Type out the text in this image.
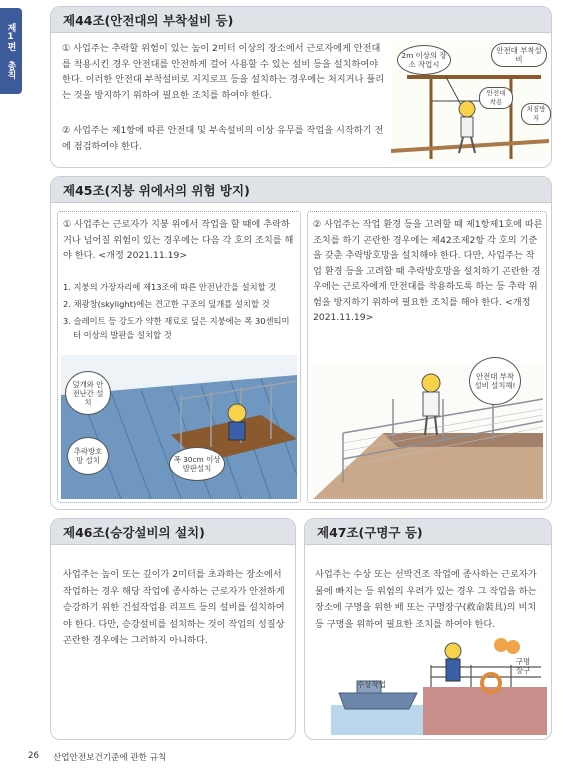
제1편 총칙
제44조(안전대의 부착설비 등)
① 사업주는 추락할 위험이 있는 높이 2미터 이상의 장소에서 근로자에게 안전대를 착용시킨 경우 안전대를 안전하게 걸어 사용할 수 있는 설비 등을 설치하여야 한다. 이러한 안전대 부착설비로 지지로프 등을 설치하는 경우에는 처지거나 풀리는 것을 방지하기 위하여 필요한 조치를 하여야 한다.
② 사업주는 제1항에 따른 안전대 및 부속설비의 이상 유무를 작업을 시작하기 전에 점검하여야 한다.
2m 이상의 장소 작업시
안전대 부착설비
안전대 착용
처짐방지
제45조(지붕 위에서의 위험 방지)
① 사업주는 근로자가 지붕 위에서 작업을 할 때에 추락하거나 넘어질 위험이 있는 경우에는 다음 각 호의 조치를 해야 한다. <개정 2021.11.19>
1. 지붕의 가장자리에 제13조에 따른 안전난간을 설치할 것
2. 채광창(skylight)에는 견고한 구조의 덮개를 설치할 것
3. 슬레이트 등 강도가 약한 재료로 덮은 지붕에는 폭 30센티미터 이상의 발판을 설치할 것
덮개와 안전난간 설치
추락방호망 설치	폭 30cm 이상 발판설치
② 사업주는 작업 환경 등을 고려할 때 제1항제1호에 따른 조치를 하기 곤란한 경우에는 제42조제2항 각 호의 기준을 갖춘 추락방호망을 설치해야 한다. 다만, 사업주는 작업 환경 등을 고려할 때 추락방호망을 설치하기 곤란한 경우에는 근로자에게 안전대를 착용하도록 하는 등 추락 위험을 방지하기 위하여 필요한 조치를 해야 한다. <개정 2021.11.19>
안전대 부착설비 설치해!
제46조(승강설비의 설치)
사업주는 높이 또는 깊이가 2미터를 초과하는 장소에서 작업하는 경우 해당 작업에 종사하는 근로자가 안전하게 승강하기 위한 건설작업용 리프트 등의 설비를 설치하여야 한다. 다만, 승강설비를 설치하는 것이 작업의 성질상 곤란한 경우에는 그러하지 아니하다.
제47조(구명구 등)
사업주는 수상 또는 선박건조 작업에 종사하는 근로자가 물에 빠지는 등 위험의 우려가 있는 경우 그 작업을 하는 장소에 구명을 위한 배 또는 구명장구(救命裝具)의 비치 등 구명을 위하여 필요한 조치를 하여야 한다.
수상작업
구명 장구
26 산업안전보건기준에 관한 규칙
